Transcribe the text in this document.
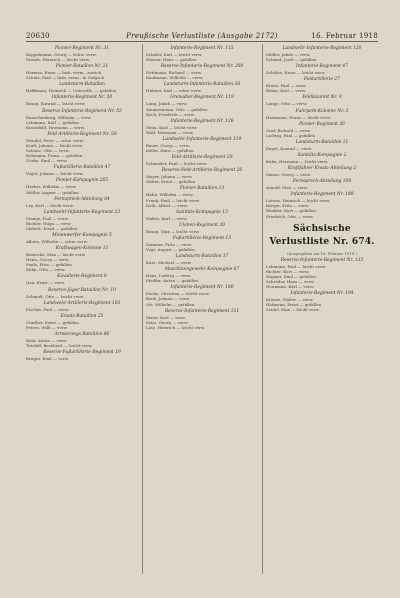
20630	Preußische Verlustliste (Ausgabe 2172)	16. Februar 1918
Pionier-Regiment Nr. 31
Koppelmann, Georg — Schw. verw.
Straub, Heinrich — leicht verw.
Pionier-Bataillon Nr. 21
Hermes, Ernst — bish. verm., zurück
Schulz, Paul — bish. verm., in Gefgsch.
Landsturm-Bataillon
Hoffmann, Heinrich — Unteroffz. — gefallen
Infanterie-Regiment Nr. 30
Braun, Konrad — leicht verw.
Reserve-Infanterie-Regiment Nr. 53
Rauschenberg, Wilhelm — verw.
Lehmann, Karl — gefallen
Rosenfeld, Hermann — verw.
Feld-Artillerie-Regiment Nr. 59
Wendel, Peter — schw. verw.
Kraft, Johann — leicht verw.
Schöne, Otto — verw.
Rohmann, Franz — gefallen
Görke, Emil — verw.
Fußartillerie-Bataillon 47
Vogel, Johann — leicht verw.
Pionier-Kompagnie 265
Herbst, Wilhelm — verw.
Müller, August — gefallen
Fernsprech-Abteilung 84
Ley, Karl — leicht verw.
Landwehr-Infanterie-Regiment 23
Stange, Paul — verw.
Richter, Hugo — verw.
Siebert, Ernst — gefallen
Minenwerfer-Kompagnie 5
Albers, Wilhelm — schw. verw.
Kraftwagen-Kolonne 11
Reinecke, Max — leicht verw.
Heim, Georg — verw.
Pauls, Fritz — gefallen
Kühn, Otto — verw.
Kavallerie-Regiment 8
Dau, Ernst — verw.
Reserve-Jäger-Bataillon Nr. 10
Schmidt, Otto — leicht verw.
Landwehr-Artillerie-Regiment 103
Fischer, Paul — verw.
Ersatz-Bataillon 25
Günther, Ernst — gefallen
Peters, Willi — verw.
Armierungs-Bataillon 86
Bahr, Anton — verw.
Tetzlaff, Bernhard — leicht verw.
Reserve-Fußartillerie-Regiment 19
Krüger, Emil — verw.
Infanterie-Regiment Nr. 115
Schäfer, Karl — leicht verw.
Werner, Hans — gefallen
Reserve-Infanterie-Regiment Nr. 208
Dettmann, Richard — verw.
Kaufmann, Wilhelm — verw.
Landsturm-Infanterie-Bataillon 36
Hübner, Karl — schw. verw.
Grenadier-Regiment Nr. 119
Lang, Jakob — verw.
Zimmermann, Otto — gefallen
Koch, Friedrich — verw.
Infanterie-Regiment Nr. 126
Stein, Karl — leicht verw.
Wolf, Hermann — verw.
Landwehr-Infanterie-Regiment 119
Bauer, Georg — verw.
Keller, Hans — gefallen
Feld-Artillerie-Regiment 29
Schneider, Paul — leicht verw.
Reserve-Feld-Artillerie-Regiment 26
Mayer, Johann — verw.
Weber, Ernst — gefallen
Pionier-Bataillon 13
Hahn, Wilhelm — verw.
Frank, Emil — leicht verw.
Roth, Albert — verw.
Sanitäts-Kompagnie 13
Walter, Karl — verw.
Ulanen-Regiment 20
Braun, Max — leicht verw.
Fußartillerie-Regiment 13
Sommer, Fritz — verw.
Vogt, August — gefallen
Landsturm-Bataillon 37
Kurz, Michael — verw.
Maschinengewehr-Kompagnie 67
Haas, Ludwig — verw.
Pfeiffer, Anton — gefallen
Infanterie-Regiment Nr. 180
Fuchs, Christian — leicht verw.
Beck, Johann — verw.
Ott, Wilhelm — gefallen
Reserve-Infanterie-Regiment 121
Maier, Karl — verw.
Seitz, Georg — verw.
Lutz, Heinrich — leicht verw.
Landwehr-Infanterie-Regiment 120
Müller, Jakob — verw.
Schmid, Josef — gefallen
Infanterie-Regiment 47
Schulze, Ernst — leicht verw.
Feldartillerie 27
Kraus, Paul — verw.
Böhm, Karl — verw.
Feldlazarett Nr. 9
Lange, Otto — verw.
Fuhrpark-Kolonne Nr. 3
Hartmann, Franz — leicht verw.
Pionier-Regiment 26
Graf, Richard — verw.
Ludwig, Paul — gefallen
Landsturm-Bataillon 11
Engel, Konrad — verw.
Sanitäts-Kompagnie 2
Kuhn, Hermann — leicht verw.
Kraftfahrer-Ersatz-Abteilung 2
Simon, Georg — verw.
Fernsprech-Abteilung 109
Arnold, Max — verw.
Infanterie-Regiment Nr. 188
Lorenz, Heinrich — leicht verw.
Berger, Fritz — verw.
Winkler, Kurt — gefallen
Friedrich, Otto — verw.
Sächsische Verlustliste Nr. 674.
(Ausgegeben am 16. Februar 1918.)
Reserve-Infanterie-Regiment Nr. 133
Lehmann, Paul — leicht verw.
Richter, Kurt — verw.
Wagner, Emil — gefallen
Schröder, Hans — verw.
Neumann, Karl — verw.
Infanterie-Regiment Nr. 104
Krause, Walter — verw.
Hofmann, Ernst — gefallen
Seidel, Max — leicht verw.
